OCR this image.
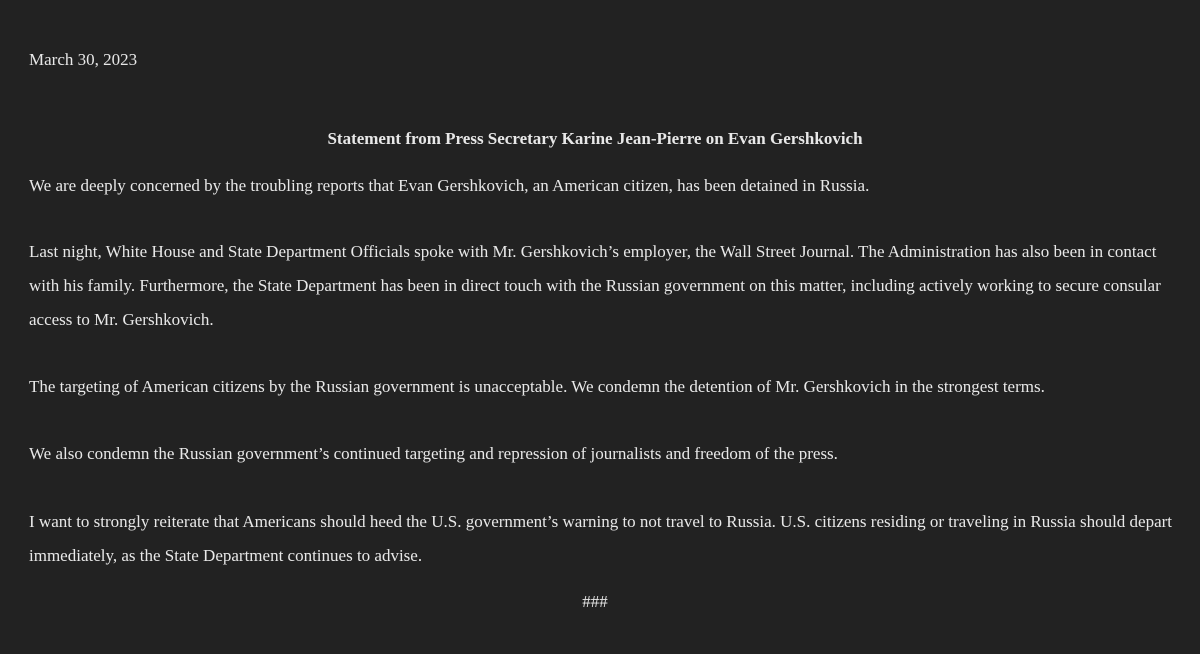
March 30, 2023

Statement from Press Secretary Karine Jean-Pierre on Evan Gershkovich

We are deeply concerned by the troubling reports that Evan Gershkovich, an American citizen, has been detained in Russia.

Last night, White House and State Department Officials spoke with Mr. Gershkovich’s employer, the Wall Street Journal. The Administration has also been in contact with his family. Furthermore, the State Department has been in direct touch with the Russian government on this matter, including actively working to secure consular access to Mr. Gershkovich.

The targeting of American citizens by the Russian government is unacceptable. We condemn the detention of Mr. Gershkovich in the strongest terms.

We also condemn the Russian government’s continued targeting and repression of journalists and freedom of the press.

I want to strongly reiterate that Americans should heed the U.S. government’s warning to not travel to Russia. U.S. citizens residing or traveling in Russia should depart immediately, as the State Department continues to advise.

###
